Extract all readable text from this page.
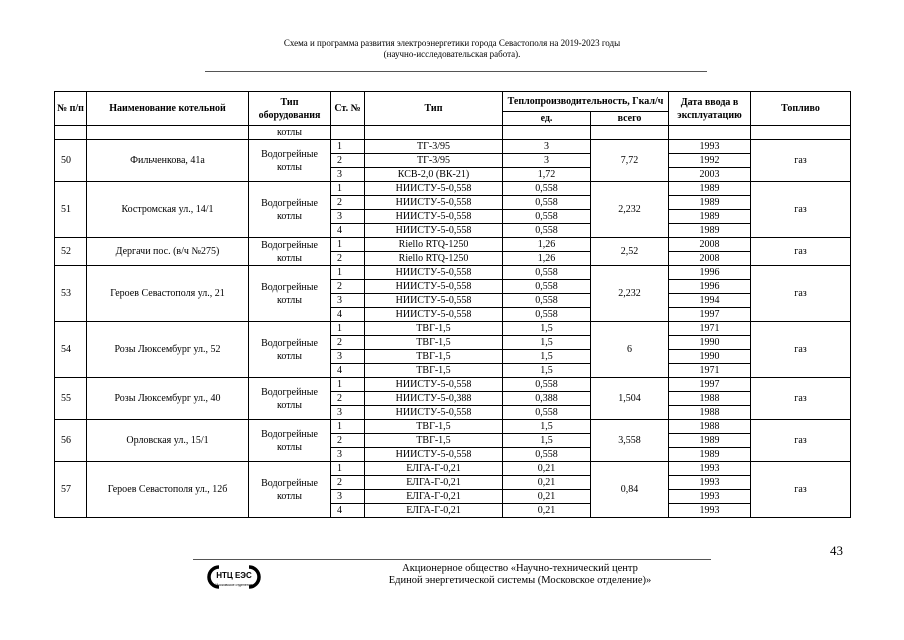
Схема и программа развития электроэнергетики города Севастополя на 2019-2023 годы
(научно-исследовательская работа).
№ п/п	Наименование котельной	Тип оборудования	Ст. №	Тип	Теплопроизводительность, Гкал/ч		Дата ввода в эксплуатацию	Топливо
					ед.	всего		
		котлы						
50	Фильченкова, 41а	Водогрейные котлы	1	ТГ-3/95	3	7,72	1993	газ
			2	ТГ-3/95	3		1992	
			3	КСВ-2,0 (ВК-21)	1,72		2003	
51	Костромская ул., 14/1	Водогрейные котлы	1	НИИСТУ-5-0,558	0,558	2,232	1989	газ
			2	НИИСТУ-5-0,558	0,558		1989	
			3	НИИСТУ-5-0,558	0,558		1989	
			4	НИИСТУ-5-0,558	0,558		1989	
52	Дергачи пос. (в/ч №275)	Водогрейные котлы	1	Riello RTQ-1250	1,26	2,52	2008	газ
			2	Riello RTQ-1250	1,26		2008	
53	Героев Севастополя ул., 21	Водогрейные котлы	1	НИИСТУ-5-0,558	0,558	2,232	1996	газ
			2	НИИСТУ-5-0,558	0,558		1996	
			3	НИИСТУ-5-0,558	0,558		1994	
			4	НИИСТУ-5-0,558	0,558		1997	
54	Розы Люксембург ул., 52	Водогрейные котлы	1	ТВГ-1,5	1,5	6	1971	газ
			2	ТВГ-1,5	1,5		1990	
			3	ТВГ-1,5	1,5		1990	
			4	ТВГ-1,5	1,5		1971	
55	Розы Люксембург ул., 40	Водогрейные котлы	1	НИИСТУ-5-0,558	0,558	1,504	1997	газ
			2	НИИСТУ-5-0,388	0,388		1988	
			3	НИИСТУ-5-0,558	0,558		1988	
56	Орловская ул., 15/1	Водогрейные котлы	1	ТВГ-1,5	1,5	3,558	1988	газ
			2	ТВГ-1,5	1,5		1989	
			3	НИИСТУ-5-0,558	0,558		1989	
57	Героев Севастополя ул., 12б	Водогрейные котлы	1	ЕЛГА-Г-0,21	0,21	0,84	1993	газ
			2	ЕЛГА-Г-0,21	0,21		1993	
			3	ЕЛГА-Г-0,21	0,21		1993	
			4	ЕЛГА-Г-0,21	0,21		1993	
43
НТЦ ЕЭС
Московское отделение
Акционерное общество «Научно-технический центр
Единой энергетической системы (Московское отделение)»
